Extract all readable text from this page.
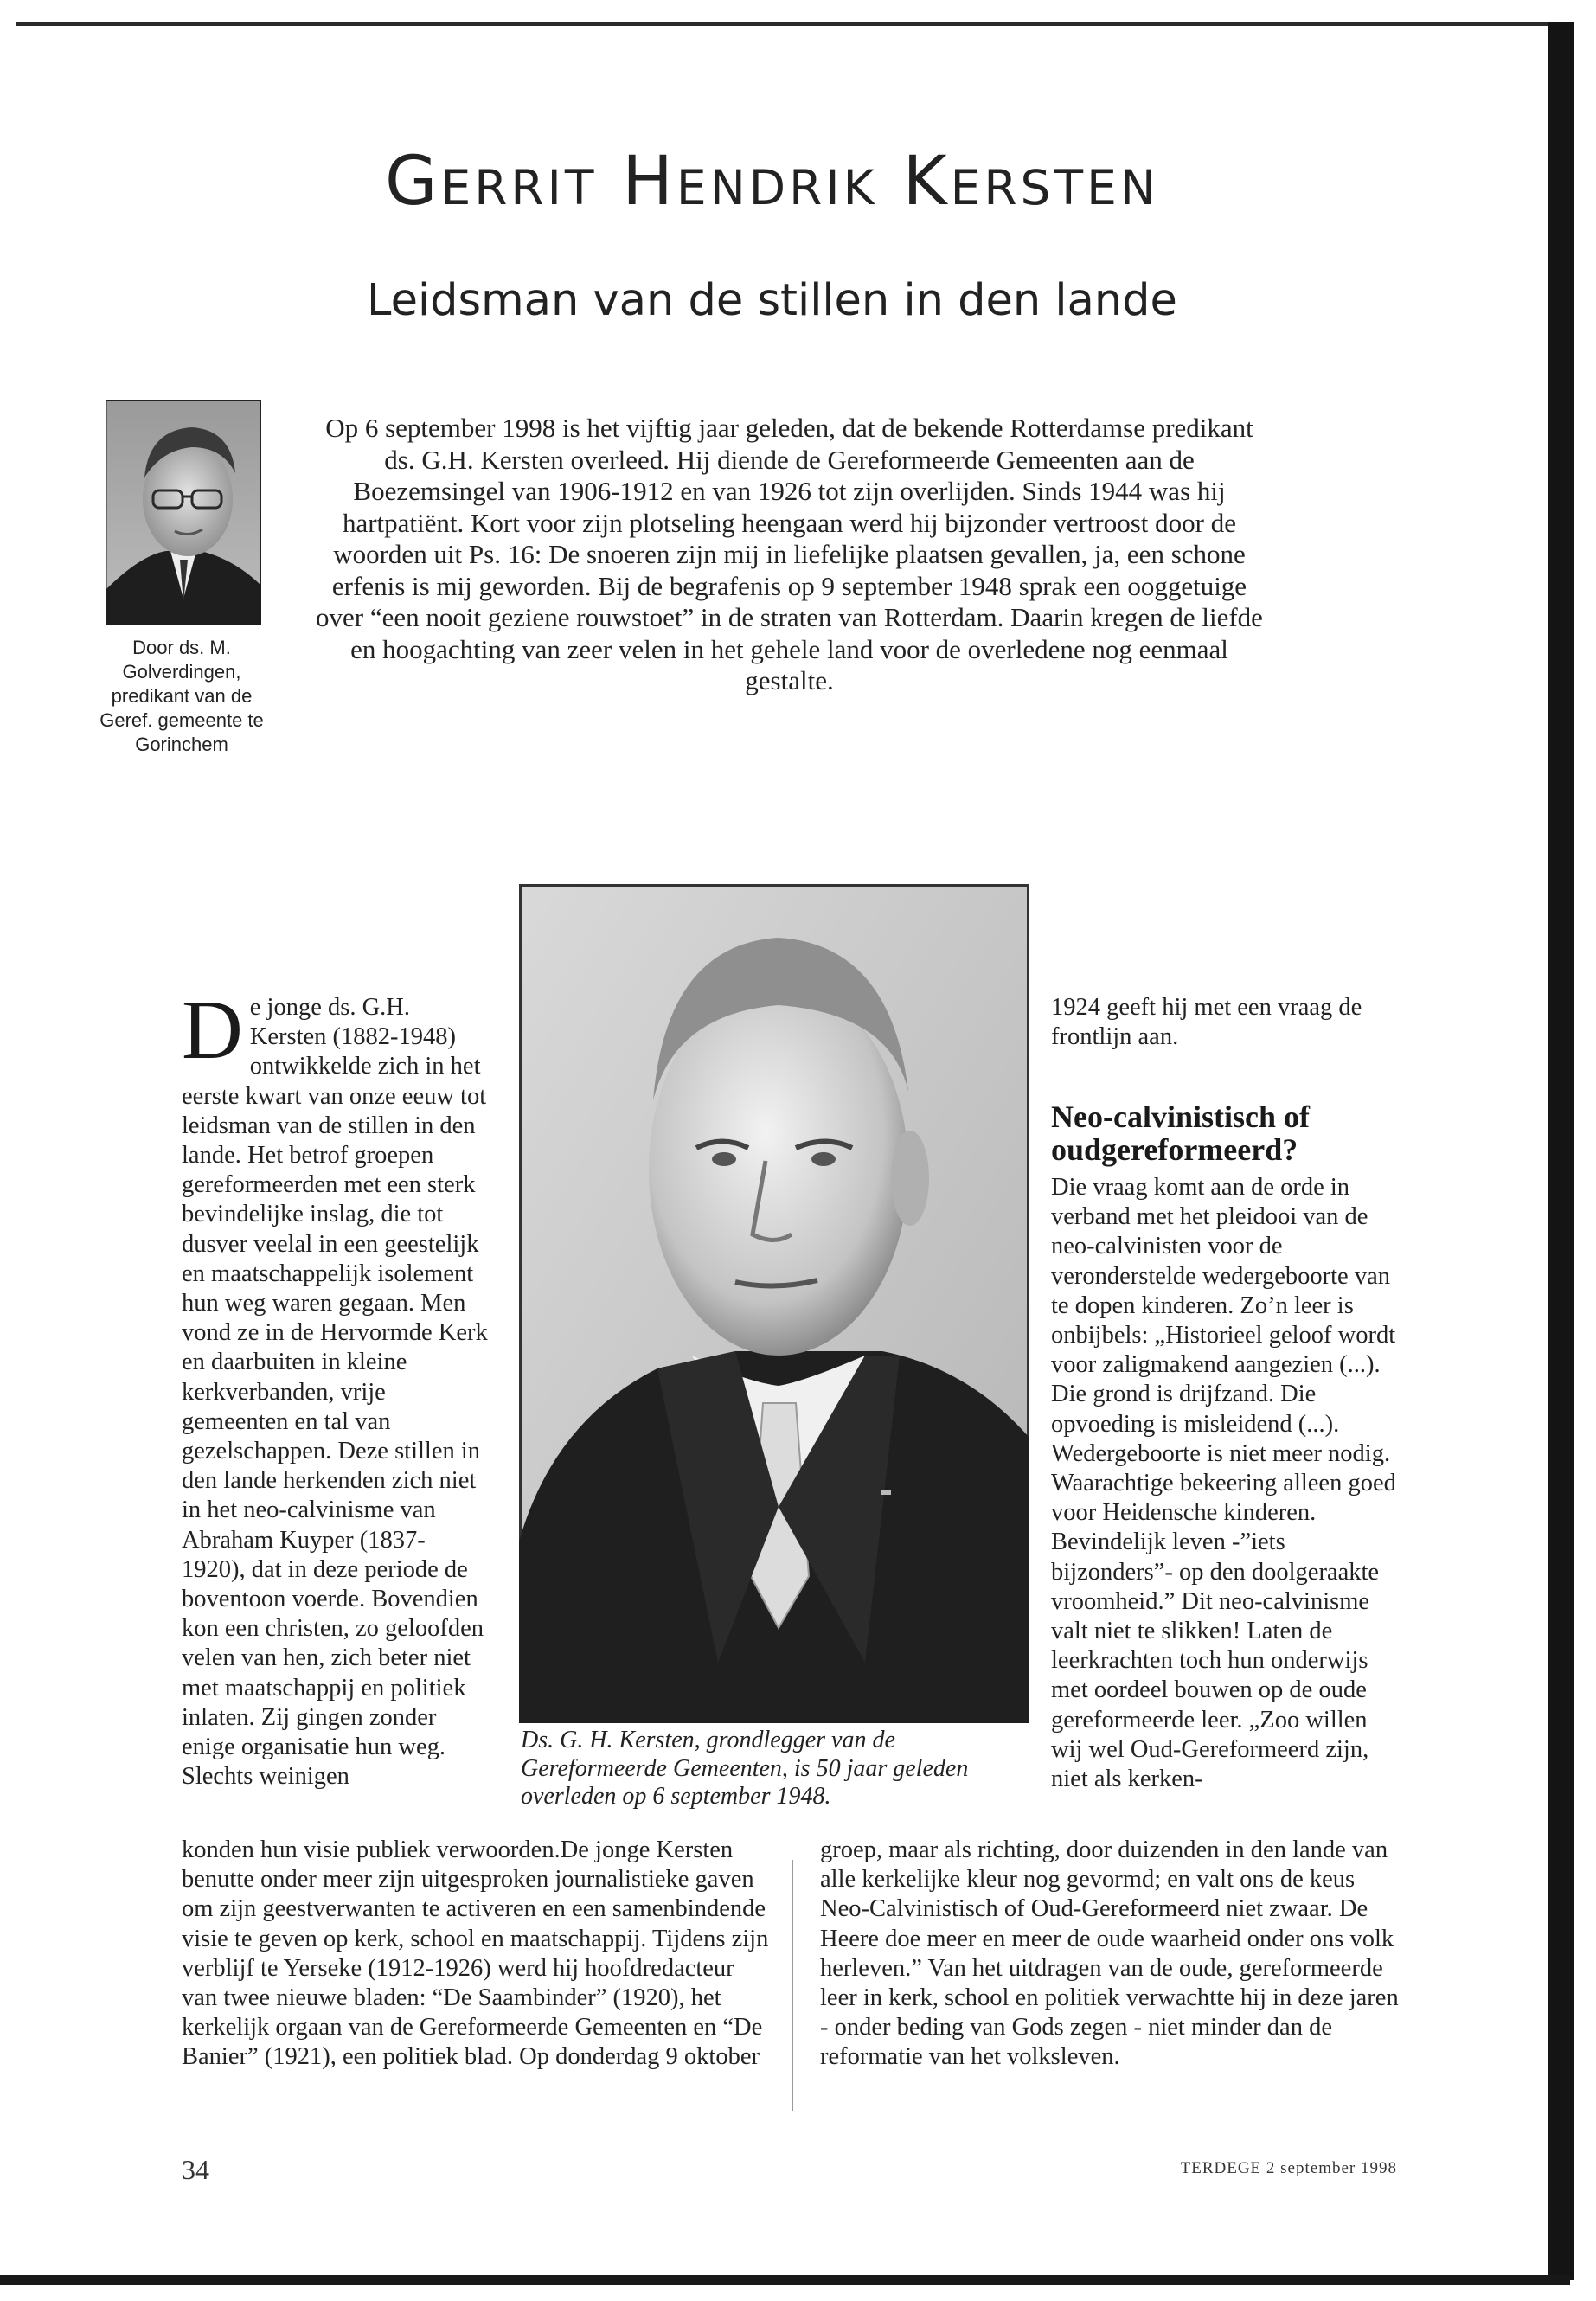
Gerrit Hendrik Kersten
Leidsman van de stillen in den lande
Door ds. M. Golverdingen, predikant van de Geref. gemeente te Gorinchem

Op 6 september 1998 is het vijftig jaar geleden, dat de bekende Rotterdamse predikant ds. G.H. Kersten overleed. Hij diende de Gereformeerde Gemeenten aan de Boezemsingel van 1906-1912 en van 1926 tot zijn overlijden. Sinds 1944 was hij hartpatiënt. Kort voor zijn plotseling heengaan werd hij bijzonder vertroost door de woorden uit Ps. 16: De snoeren zijn mij in liefelijke plaatsen gevallen, ja, een schone erfenis is mij geworden. Bij de begrafenis op 9 september 1948 sprak een ooggetuige over “een nooit geziene rouwstoet” in de straten van Rotterdam. Daarin kregen de liefde en hoogachting van zeer velen in het gehele land voor de overledene nog eenmaal gestalte.

Ds. G. H. Kersten, grondlegger van de Gereformeerde Gemeenten, is 50 jaar geleden overleden op 6 september 1948.

De jonge ds. G.H. Kersten (1882-1948) ontwikkelde zich in het eerste kwart van onze eeuw tot leidsman van de stillen in den lande. Het betrof groepen gereformeerden met een sterk bevindelijke inslag, die tot dusver veelal in een geestelijk en maatschappelijk isolement hun weg waren gegaan. Men vond ze in de Hervormde Kerk en daarbuiten in kleine kerkverbanden, vrije gemeenten en tal van gezelschappen. Deze stillen in den lande herkenden zich niet in het neo-calvinisme van Abraham Kuyper (1837-1920), dat in deze periode de boventoon voerde. Bovendien kon een christen, zo geloofden velen van hen, zich beter niet met maatschappij en politiek inlaten. Zij gingen zonder enige organisatie hun weg. Slechts weinigen

konden hun visie publiek verwoorden.De jonge Kersten benutte onder meer zijn uitgesproken journalistieke gaven om zijn geestverwanten te activeren en een samenbindende visie te geven op kerk, school en maatschappij. Tijdens zijn verblijf te Yerseke (1912-1926) werd hij hoofdredacteur van twee nieuwe bladen: “De Saambinder” (1920), het kerkelijk orgaan van de Gereformeerde Gemeenten en “De Banier” (1921), een politiek blad. Op donderdag 9 oktober

1924 geeft hij met een vraag de frontlijn aan.

Neo-calvinistisch of oudgereformeerd?

Die vraag komt aan de orde in verband met het pleidooi van de neo-calvinisten voor de veronderstelde wedergeboorte van te dopen kinderen. Zo’n leer is onbijbels: „Historieel geloof wordt voor zaligmakend aangezien (...). Die grond is drijfzand. Die opvoeding is misleidend (...). Wedergeboorte is niet meer nodig. Waarachtige bekeering alleen goed voor Heidensche kinderen. Bevindelijk leven -”iets bijzonders”- op den doolgeraakte vroomheid.” Dit neo-calvinisme valt niet te slikken! Laten de leerkrachten toch hun onderwijs met oordeel bouwen op de oude gereformeerde leer. „Zoo willen wij wel Oud-Gereformeerd zijn, niet als kerken-

groep, maar als richting, door duizenden in den lande van alle kerkelijke kleur nog gevormd; en valt ons de keus Neo-Calvinistisch of Oud-Gereformeerd niet zwaar. De Heere doe meer en meer de oude waarheid onder ons volk herleven.” Van het uitdragen van de oude, gereformeerde leer in kerk, school en politiek verwachtte hij in deze jaren - onder beding van Gods zegen - niet minder dan de reformatie van het volksleven.

34	TERDEGE 2 september 1998
